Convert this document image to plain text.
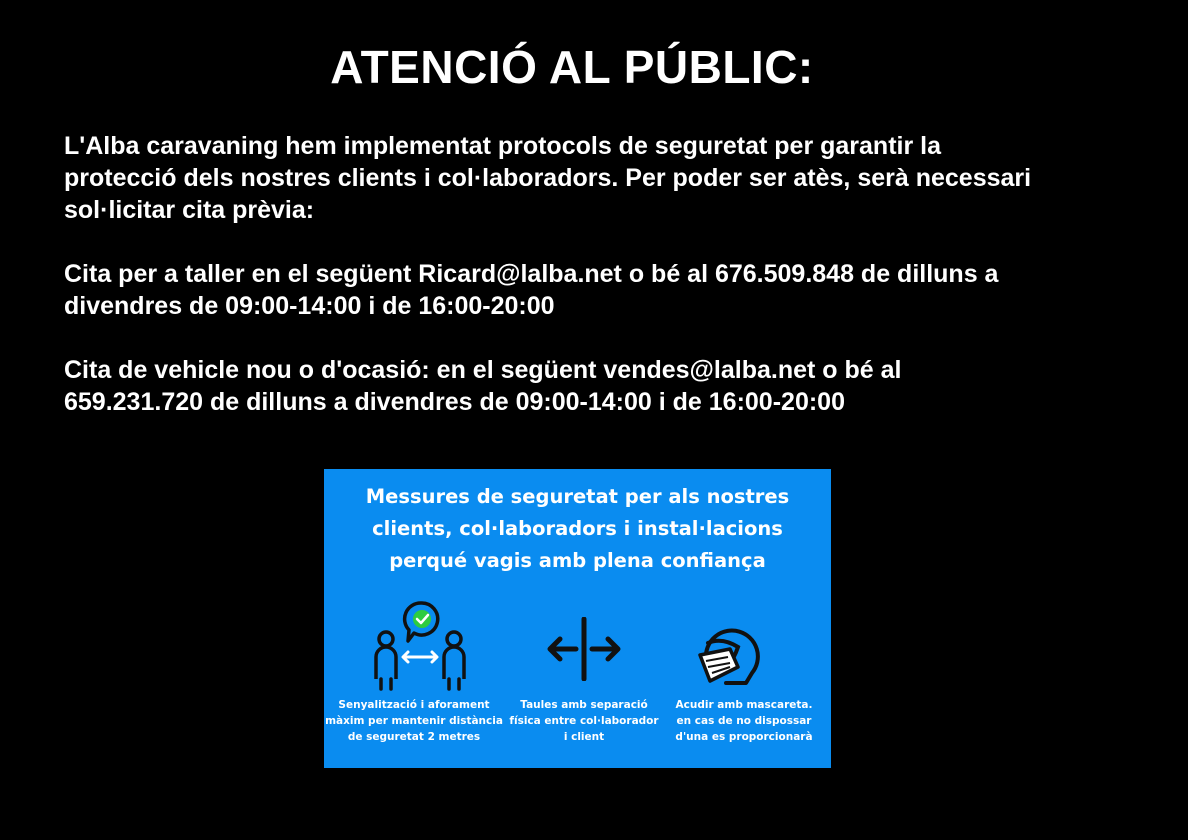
ATENCIÓ AL PÚBLIC:

L'Alba caravaning hem implementat protocols de seguretat per garantir la
protecció dels nostres clients i col·laboradors. Per poder ser atès, serà necessari
sol·licitar cita prèvia:

Cita per a taller en el següent Ricard@lalba.net o bé al 676.509.848 de dilluns a
divendres de 09:00-14:00 i de 16:00-20:00

Cita de vehicle nou o d'ocasió: en el següent vendes@lalba.net o bé al
659.231.720 de dilluns a divendres de 09:00-14:00 i de 16:00-20:00

Messures de seguretat per als nostres
clients, col·laboradors i instal·lacions
perqué vagis amb plena confiança
Senyalització i aforament
màxim per mantenir distància
de seguretat 2 metres
Taules amb separació
física entre col·laborador
i client
Acudir amb mascareta.
en cas de no dispossar
d'una es proporcionarà
